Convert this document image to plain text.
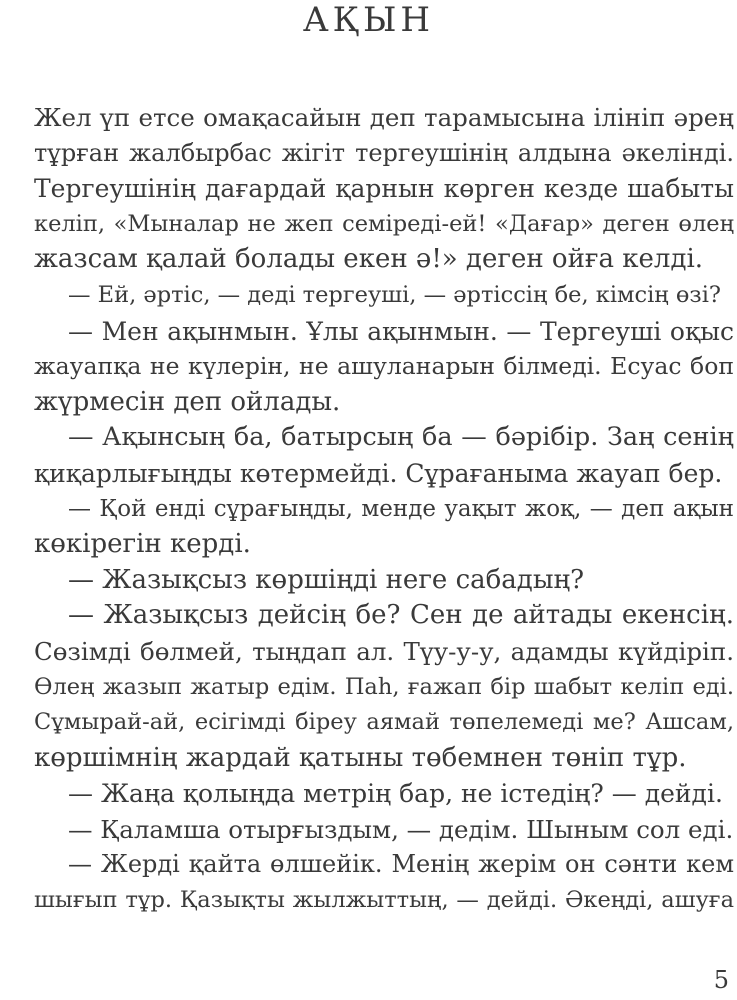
АҚЫН
Жел үп етсе омақасайын деп тарамысына ілініп әрең
тұрған жалбырбас жігіт тергеушінің алдына әкелінді.
Тергеушінің дағардай қарнын көрген кезде шабыты
келіп, «Мыналар не жеп семіреді-ей! «Дағар» деген өлең
жазсам қалай болады екен ә!» деген ойға келді.
— Ей, әртіс, — деді тергеуші, — әртіссің бе, кімсің өзі?
— Мен ақынмын. Ұлы ақынмын. — Тергеуші оқыс
жауапқа не күлерін, не ашуланарын білмеді. Есуас боп
жүрмесін деп ойлады.
— Ақынсың ба, батырсың ба — бәрібір. Заң сенің
қиқарлығыңды көтермейді. Сұрағаныма жауап бер.
— Қой енді сұрағыңды, менде уақыт жоқ, — деп ақын
көкірегін керді.
— Жазықсыз көршіңді неге сабадың?
— Жазықсыз дейсің бе? Сен де айтады екенсің.
Сөзімді бөлмей, тыңдап ал. Түу-у-у, адамды күйдіріп.
Өлең жазып жатыр едім. Паһ, ғажап бір шабыт келіп еді.
Сұмырай-ай, есігімді біреу аямай төпелемеді ме? Ашсам,
көршімнің жардай қатыны төбемнен төніп тұр.
— Жаңа қолыңда метрің бар, не істедің? — дейді.
— Қаламша отырғыздым, — дедім. Шыным сол еді.
— Жерді қайта өлшейік. Менің жерім он сәнти кем
шығып тұр. Қазықты жылжыттың, — дейді. Әкеңді, ашуға
5
